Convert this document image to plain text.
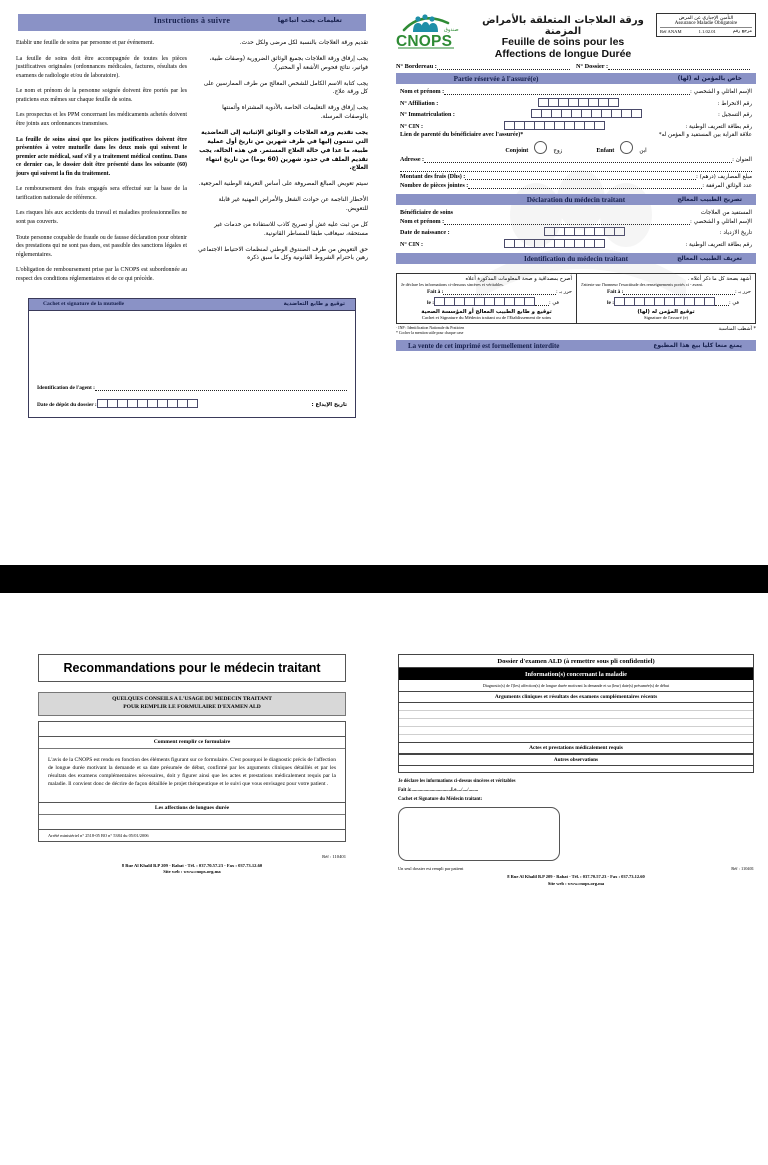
Instructions à suivre	تعليمات يجب اتباعها

Etablir une feuille de soins par personne et par événement.

La feuille de soins doit être accompagnée de toutes les pièces justificatives originales (ordonnances médicales, factures, résultats des examens de radiologie et/ou de laboratoire).

Le nom et prénom de la personne soignée doivent être portés par les praticiens eux mêmes sur chaque feuille de soins.

Les prospectus et les PPM concernant les médicaments achetés doivent être joints aux ordonnances transmises.

La feuille de soins ainsi que les pièces justificatives doivent être présentées à votre mutuelle dans les deux mois qui suivent le premier acte médical, sauf s'il y a traitement médical continu. Dans ce dernier cas, le dossier doit être présenté dans les soixante (60) jours qui suivent la fin du traitement.

Le remboursement des frais engagés sera effectué sur la base de la tarification nationale de référence.

Les risques liés aux accidents du travail et maladies professionnelles ne sont pas couverts.

Toute personne coupable de fraude ou de fausse déclaration pour obtenir des prestations qui ne sont pas dues, est passible des sanctions légales et réglementaires.

L'obligation de remboursement prise par la CNOPS est subordonnée au respect des conditions réglementaires et de ce qui précède.

تقديم ورقة العلاجات بالنسبة لكل مرضى ولكل حدث.

يجب إرفاق ورقة العلاجات بجميع الوثائق الضرورية (وصفات طبية، فواتير، نتائج فحوص الأشعة أو المختبر).

يجب كتابة الاسم الكامل للشخص المعالج من طرف الممارسين على كل ورقة علاج.

يجب إرفاق ورقة التعليمات الخاصة بالأدوية المشتراة وأثمنتها بالوصفات المرسلة.

يجب تقديم ورقة العلاجات و الوثائق الإثباتية إلى التعاضدية التي تنتمون إليها في ظرف شهرين من تاريخ أول عملية طبية، ما عدا في حالة العلاج المستمر. في هذه الحالة، يجب تقديم الملف في حدود شهرين (60 يوما) من تاريخ انتهاء العلاج.

سيتم تعويض المبالغ المصروفة على أساس التعريفة الوطنية المرجعية.

الأخطار الناجمة عن حوادث الشغل والأمراض المهنية غير قابلة للتعويض.

كل من ثبت عليه غش أو تصريح كاذب للاستفادة من خدمات غير مستحقة، سيعاقب طبقا للمساطر القانونية.

حق التعويض من طرف الصندوق الوطني لمنظمات الاحتياط الاجتماعي رهين باحترام الشروط القانونية وكل ما سبق ذكره

Cachet et signature de la mutuelle	توقيع و طابع التعاضدية
Identification de l'agent :
Date de dépôt du dossier :	تاريخ الإيداع :
CNOPS
صندوق
ورقة العلاجات المتعلقة بالأمراض المزمنة
Feuille de soins pour les
Affections de longue Durée
التأمين الإجباري عن المرض
Assurance Maladie Obligatoire
Réf ANAM	1.1.02.01	مرجع رقم
N° Bordereau :	N° Dossier :
Partie réservée à l'assuré(e)	خاص بالمؤمن له (لها)
Nom et prénom :	الإسم العائلي و الشخصي :
N° Affiliation :	رقم الانخراط :
N° Immatriculation :	رقم التسجيل :
N° CIN :	رقم بطاقة التعريف الوطنية :
Lien de parenté du bénéficiaire avec l'assurée)*	علاقة القرابة بين المستفيد و المؤمن له*
Conjoint	زوج	Enfant	ابن
Adresse :	العنوان :
Montant des frais (Dhs) :	مبلغ المصاريف (درهم) :
Nombre de pièces jointes :	عدد الوثائق المرفقة :
Déclaration du médecin traitant	تصريح الطبيب المعالج
Bénéficiaire de soins	المستفيد من العلاجات
Nom et prénom :	الإسم العائلي و الشخصي :
Date de naissance :	تاريخ الازدياد :
N° CIN :	رقم بطاقة التعريف الوطنية :
Identification du médecin traitant	تعريف الطبيب المعالج
أصرح بمصداقية و صحة المعلومات المذكورة أعلاه
Je déclare les informations ci-dessous sincères et véritables.
Fait à :	حرر بـ :
le :	في :
توقيع و طابع الطبيب المعالج أو المؤسسة الصحية
Cachet et Signature du Médecin traitant ou de l'Etablissement de soins
أشهد بصحة كل ما ذكر أعلاه .
J'atteste sur l'honneur l'exactitude des renseignements portés ci - avant.
Fait à :	حرر بـ :
le :	في :
توقيع المؤمن له (لها)
Signature de l'assuré (e)
· INP : Identification Nationale du Praticien
* Cocher la mention utile pour chaque case
* أشطب المناسبة
La vente de cet imprimé est formellement interdite	يمنع منعا كليا بيع هذا المطبوع
Recommandations pour le médecin traitant
QUELQUES CONSEILS A L'USAGE DU MEDECIN TRAITANT
POUR REMPLIR LE FORMULAIRE D'EXAMEN ALD
Comment remplir ce formulaire

L'avis de la CNOPS est rendu en fonction des éléments figurant sur ce formulaire. C'est pourquoi le diagnostic précis de l'affection de longue durée motivant la demande et sa date présumée de début, confirmé par les arguments cliniques détaillés et par les résultats des examens complémentaires nécessaires, doit y figurer ainsi que les actes et prestations médicalement requis par la maladie. Il convient donc de décrire de façon détaillée le projet thérapeutique et le suivi que vous envisagez pour votre patient .

Les affections de longues durée
Arrêté ministériel n° 2518-05 BO n° 5384 du 05/01/2006
Réf : 110401
8 Rue Al Khalil B.P 209 - Rabat - Tél. : 037.70.57.23 - Fax : 037.73.12.60
Site web : www.cnops.org.ma
Dossier d'examen ALD (à remettre sous pli confidentiel)
Information(s) concernant la maladie
Diagnostic(s) de l'(les) affection(s) de longue durée motivant la demande et sa (leur) date(s) présumée(s) de début
Arguments cliniques et résultats des examens complémentaires récents
Actes et prestations médicalement requis
Autres observations
Je déclare les informations ci-dessus sincères et véritables
Fait à:.................................Le..../..../........
Cachet et Signature du Médecin traitant:
Un seul dossier est rempli par patient	Réf : 110401
8 Rue Al Khalil B.P 209 - Rabat - Tél. : 037.70.57.23 - Fax : 037.73.12.60
Site web : www.cnops.org.ma
